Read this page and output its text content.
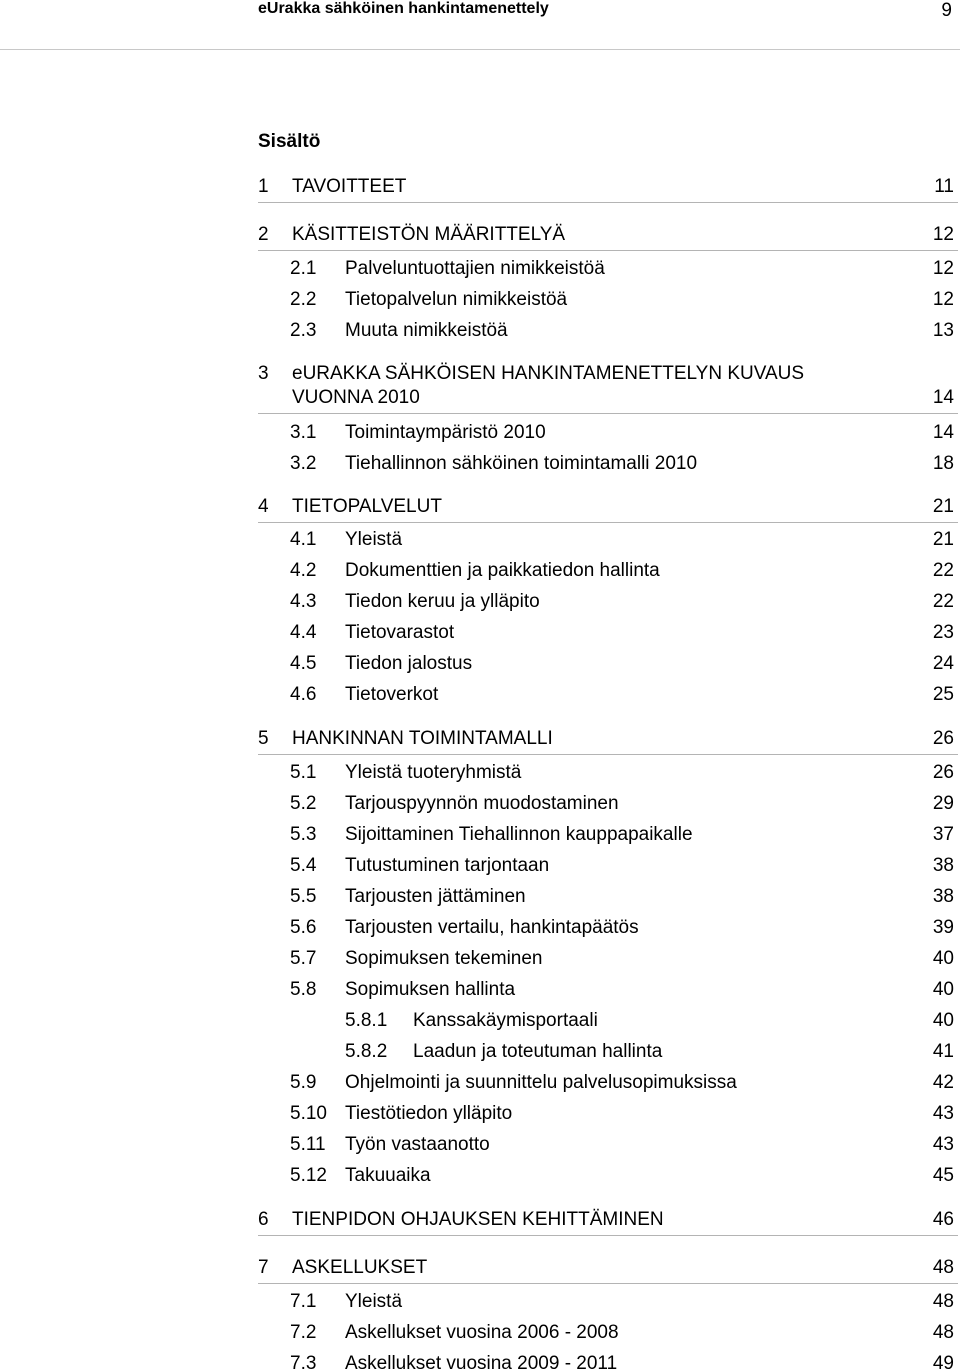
eUrakka sähköinen hankintamenettely	9
Sisältö
1 TAVOITTEET	11
2 KÄSITTEISTÖN MÄÄRITTELYÄ	12
2.1 Palveluntuottajien nimikkeistöä	12
2.2 Tietopalvelun nimikkeistöä	12
2.3 Muuta nimikkeistöä	13
3 eURAKKA SÄHKÖISEN HANKINTAMENETTELYN KUVAUS
VUONNA 2010	14
3.1 Toimintaympäristö 2010	14
3.2 Tiehallinnon sähköinen toimintamalli 2010	18
4 TIETOPALVELUT	21
4.1 Yleistä	21
4.2 Dokumenttien ja paikkatiedon hallinta	22
4.3 Tiedon keruu ja ylläpito	22
4.4 Tietovarastot	23
4.5 Tiedon jalostus	24
4.6 Tietoverkot	25
5 HANKINNAN TOIMINTAMALLI	26
5.1 Yleistä tuoteryhmistä	26
5.2 Tarjouspyynnön muodostaminen	29
5.3 Sijoittaminen Tiehallinnon kauppapaikalle	37
5.4 Tutustuminen tarjontaan	38
5.5 Tarjousten jättäminen	38
5.6 Tarjousten vertailu, hankintapäätös	39
5.7 Sopimuksen tekeminen	40
5.8 Sopimuksen hallinta	40
5.8.1 Kanssakäymisportaali	40
5.8.2 Laadun ja toteutuman hallinta	41
5.9 Ohjelmointi ja suunnittelu palvelusopimuksissa	42
5.10 Tiestötiedon ylläpito	43
5.11 Työn vastaanotto	43
5.12 Takuuaika	45
6 TIENPIDON OHJAUKSEN KEHITTÄMINEN	46
7 ASKELLUKSET	48
7.1 Yleistä	48
7.2 Askellukset vuosina 2006 - 2008	48
7.3 Askellukset vuosina 2009 - 2011	49
